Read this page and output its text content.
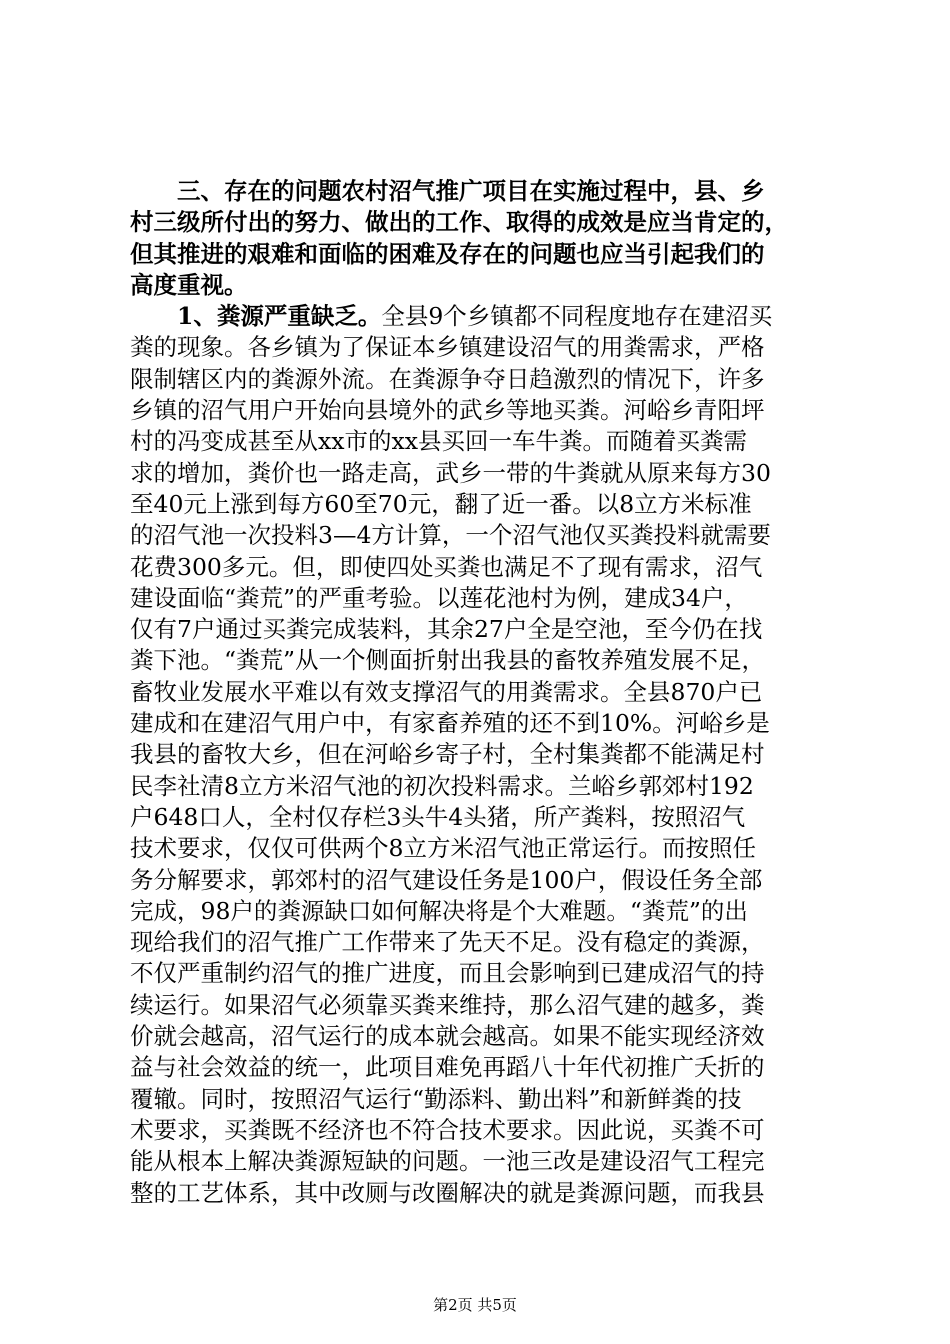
　　三、存在的问题农村沼气推广项目在实施过程中，县、乡
村三级所付出的努力、做出的工作、取得的成效是应当肯定的，
但其推进的艰难和面临的困难及存在的问题也应当引起我们的
高度重视。
　　1、粪源严重缺乏。全县9个乡镇都不同程度地存在建沼买
粪的现象。各乡镇为了保证本乡镇建设沼气的用粪需求，严格
限制辖区内的粪源外流。在粪源争夺日趋激烈的情况下，许多
乡镇的沼气用户开始向县境外的武乡等地买粪。河峪乡青阳坪
村的冯变成甚至从xx市的xx县买回一车牛粪。而随着买粪需
求的增加，粪价也一路走高，武乡一带的牛粪就从原来每方30
至40元上涨到每方60至70元，翻了近一番。以8立方米标准
的沼气池一次投料3—4方计算，一个沼气池仅买粪投料就需要
花费300多元。但，即使四处买粪也满足不了现有需求，沼气
建设面临“粪荒”的严重考验。以莲花池村为例，建成34户，
仅有7户通过买粪完成装料，其余27户全是空池，至今仍在找
粪下池。“粪荒”从一个侧面折射出我县的畜牧养殖发展不足，
畜牧业发展水平难以有效支撑沼气的用粪需求。全县870户已
建成和在建沼气用户中，有家畜养殖的还不到10%。河峪乡是
我县的畜牧大乡，但在河峪乡寄子村，全村集粪都不能满足村
民李社清8立方米沼气池的初次投料需求。兰峪乡郭郊村192
户648口人，全村仅存栏3头牛4头猪，所产粪料，按照沼气
技术要求，仅仅可供两个8立方米沼气池正常运行。而按照任
务分解要求，郭郊村的沼气建设任务是100户，假设任务全部
完成，98户的粪源缺口如何解决将是个大难题。“粪荒”的出
现给我们的沼气推广工作带来了先天不足。没有稳定的粪源，
不仅严重制约沼气的推广进度，而且会影响到已建成沼气的持
续运行。如果沼气必须靠买粪来维持，那么沼气建的越多，粪
价就会越高，沼气运行的成本就会越高。如果不能实现经济效
益与社会效益的统一，此项目难免再蹈八十年代初推广夭折的
覆辙。同时，按照沼气运行“勤添料、勤出料”和新鲜粪的技
术要求，买粪既不经济也不符合技术要求。因此说，买粪不可
能从根本上解决粪源短缺的问题。一池三改是建设沼气工程完
整的工艺体系，其中改厕与改圈解决的就是粪源问题，而我县
第2页 共5页
